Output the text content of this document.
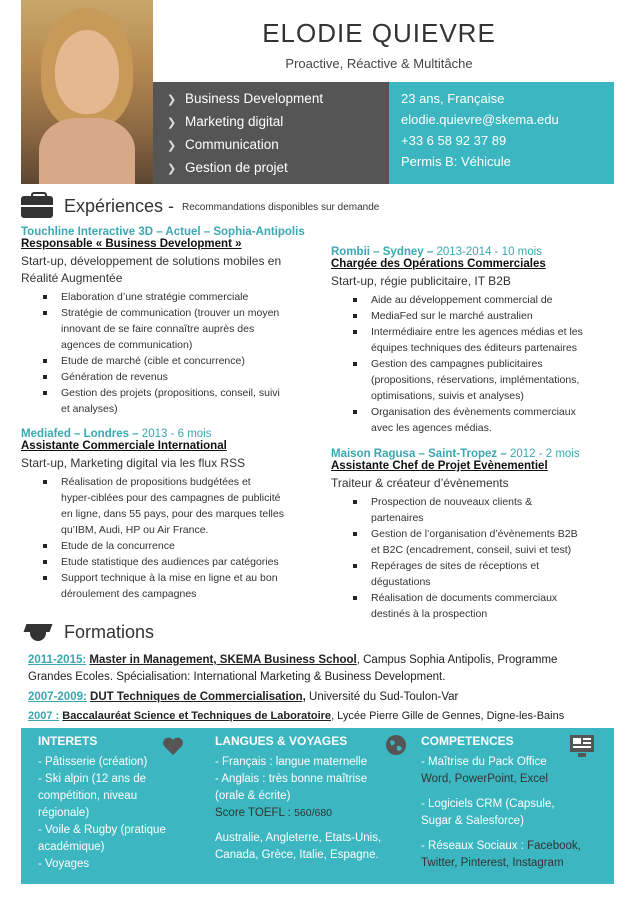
ELODIE QUIEVRE
Proactive, Réactive & Multitâche
❯ Business Development
❯ Marketing digital
❯ Communication
❯ Gestion de projet
23 ans, Française
elodie.quievre@skema.edu
+33 6 58 92 37 89
Permis B: Véhicule
Expériences - Recommandations disponibles sur demande
Touchline Interactive 3D – Actuel – Sophia-Antipolis
Responsable « Business Development »
Start-up, développement de solutions mobiles en
Réalité Augmentée
Elaboration d’une stratégie commerciale
Stratégie de communication (trouver un moyen
innovant de se faire connaître auprès des
agences de communication)
Etude de marché (cible et concurrence)
Génération de revenus
Gestion des projets (propositions, conseil, suivi
et analyses)
Mediafed – Londres – 2013 - 6 mois
Assistante Commerciale International
Start-up, Marketing digital via les flux RSS
Réalisation de propositions budgétées et
hyper-ciblées pour des campagnes de publicité
en ligne, dans 55 pays, pour des marques telles
qu’IBM, Audi, HP ou Air France.
Etude de la concurrence
Etude statistique des audiences par catégories
Support technique à la mise en ligne et au bon
déroulement des campagnes
Rombii – Sydney – 2013-2014 - 10 mois
Chargée des Opérations Commerciales
Start-up, régie publicitaire, IT B2B
Aide au développement commercial de
MediaFed sur le marché australien
Intermédiaire entre les agences médias et les
équipes techniques des éditeurs partenaires
Gestion des campagnes publicitaires
(propositions, réservations, implémentations,
optimisations, suivis et analyses)
Organisation des évènements commerciaux
avec les agences médias.
Maison Ragusa – Saint-Tropez – 2012 - 2 mois
Assistante Chef de Projet Evènementiel
Traiteur & créateur d’évènements
Prospection de nouveaux clients &
partenaires
Gestion de l’organisation d’évènements B2B
et B2C (encadrement, conseil, suivi et test)
Repérages de sites de réceptions et
dégustations
Réalisation de documents commerciaux
destinés à la prospection
Formations
2011-2015: Master in Management, SKEMA Business School, Campus Sophia Antipolis, Programme
Grandes Ecoles. Spécialisation: International Marketing & Business Development.
2007-2009: DUT Techniques de Commercialisation, Université du Sud-Toulon-Var
2007 : Baccalauréat Science et Techniques de Laboratoire, Lycée Pierre Gille de Gennes, Digne-les-Bains
INTERETS
- Pâtisserie (création)
- Ski alpin (12 ans de
compétition, niveau
régionale)
- Voile & Rugby (pratique
académique)
- Voyages
LANGUES & VOYAGES
- Français : langue maternelle
- Anglais : très bonne maîtrise
(orale & écrite)
Score TOEFL : 560/680
Australie, Angleterre, Etats-Unis,
Canada, Grèce, Italie, Espagne.
COMPETENCES
- Maîtrise du Pack Office
Word, PowerPoint, Excel
- Logiciels CRM (Capsule,
Sugar & Salesforce)
- Réseaux Sociaux : Facebook,
Twitter, Pinterest, Instagram
